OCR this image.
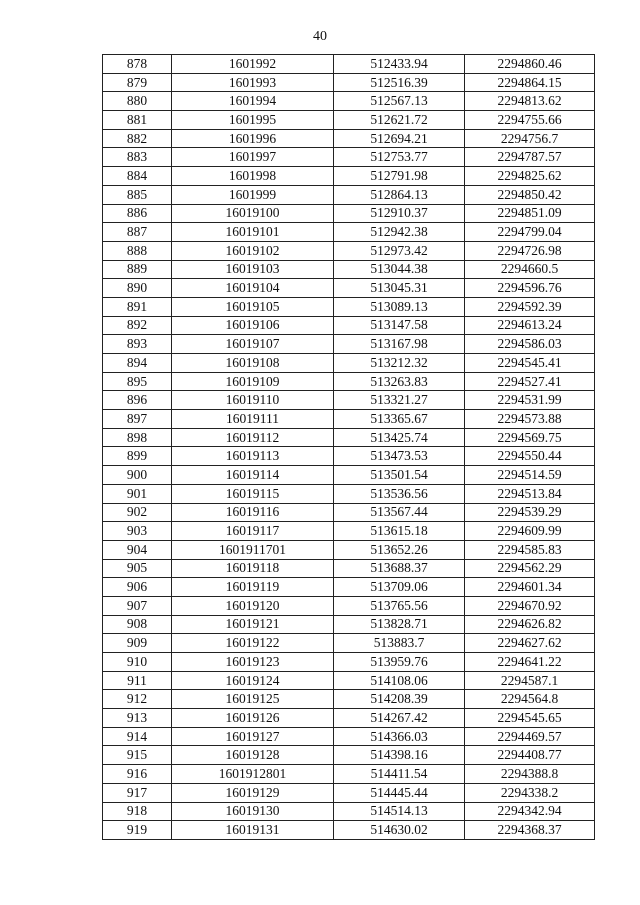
40
878	1601992	512433.94	2294860.46
879	1601993	512516.39	2294864.15
880	1601994	512567.13	2294813.62
881	1601995	512621.72	2294755.66
882	1601996	512694.21	2294756.7
883	1601997	512753.77	2294787.57
884	1601998	512791.98	2294825.62
885	1601999	512864.13	2294850.42
886	16019100	512910.37	2294851.09
887	16019101	512942.38	2294799.04
888	16019102	512973.42	2294726.98
889	16019103	513044.38	2294660.5
890	16019104	513045.31	2294596.76
891	16019105	513089.13	2294592.39
892	16019106	513147.58	2294613.24
893	16019107	513167.98	2294586.03
894	16019108	513212.32	2294545.41
895	16019109	513263.83	2294527.41
896	16019110	513321.27	2294531.99
897	16019111	513365.67	2294573.88
898	16019112	513425.74	2294569.75
899	16019113	513473.53	2294550.44
900	16019114	513501.54	2294514.59
901	16019115	513536.56	2294513.84
902	16019116	513567.44	2294539.29
903	16019117	513615.18	2294609.99
904	1601911701	513652.26	2294585.83
905	16019118	513688.37	2294562.29
906	16019119	513709.06	2294601.34
907	16019120	513765.56	2294670.92
908	16019121	513828.71	2294626.82
909	16019122	513883.7	2294627.62
910	16019123	513959.76	2294641.22
911	16019124	514108.06	2294587.1
912	16019125	514208.39	2294564.8
913	16019126	514267.42	2294545.65
914	16019127	514366.03	2294469.57
915	16019128	514398.16	2294408.77
916	1601912801	514411.54	2294388.8
917	16019129	514445.44	2294338.2
918	16019130	514514.13	2294342.94
919	16019131	514630.02	2294368.37
